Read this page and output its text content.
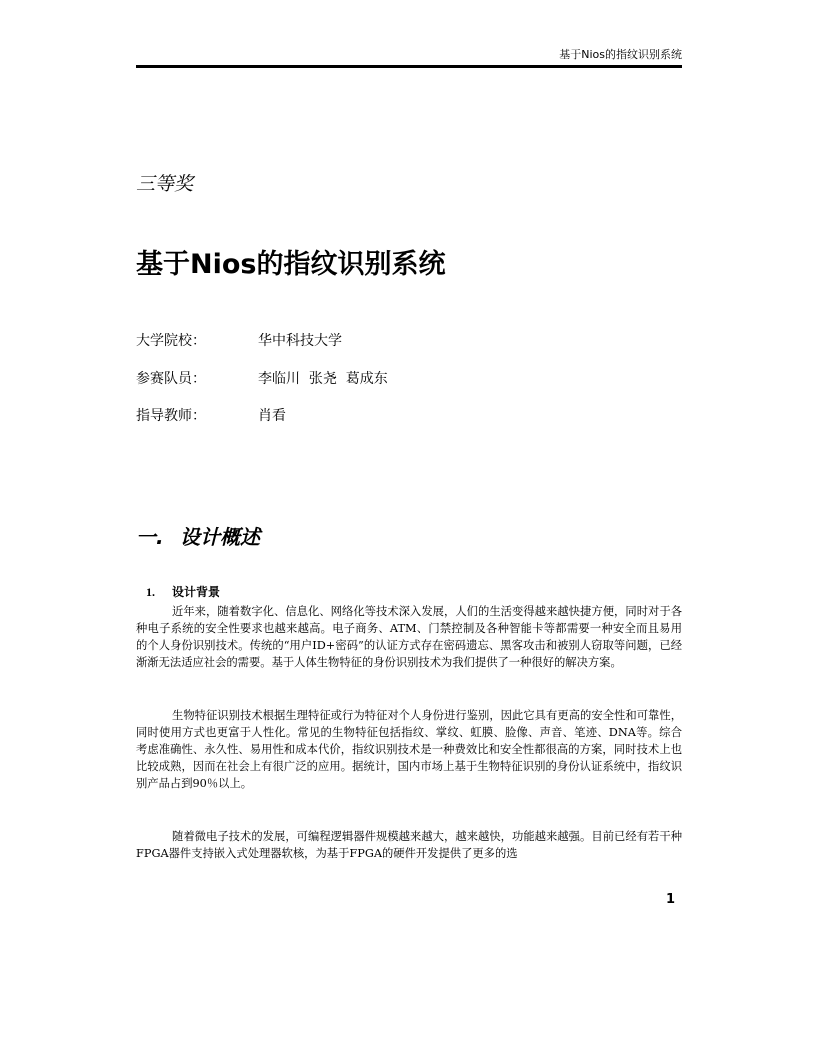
基于Nios的指纹识别系统
三等奖
基于Nios的指纹识别系统
大学院校：	华中科技大学
参赛队员：	李临川  张尧  葛成东
指导教师：	肖看
一. 设计概述
1. 设计背景

近年来，随着数字化、信息化、网络化等技术深入发展，人们的生活变得越来越快捷方便，同时对于各种电子系统的安全性要求也越来越高。电子商务、ATM、门禁控制及各种智能卡等都需要一种安全而且易用的个人身份识别技术。传统的“用户ID+密码”的认证方式存在密码遗忘、黑客攻击和被别人窃取等问题，已经渐渐无法适应社会的需要。基于人体生物特征的身份识别技术为我们提供了一种很好的解决方案。

生物特征识别技术根据生理特征或行为特征对个人身份进行鉴别，因此它具有更高的安全性和可靠性，同时使用方式也更富于人性化。常见的生物特征包括指纹、掌纹、虹膜、脸像、声音、笔迹、DNA等。综合考虑准确性、永久性、易用性和成本代价，指纹识别技术是一种费效比和安全性都很高的方案，同时技术上也比较成熟，因而在社会上有很广泛的应用。据统计，国内市场上基于生物特征识别的身份认证系统中，指纹识别产品占到90％以上。

随着微电子技术的发展，可编程逻辑器件规模越来越大，越来越快，功能越来越强。目前已经有若干种FPGA器件支持嵌入式处理器软核，为基于FPGA的硬件开发提供了更多的选

1
